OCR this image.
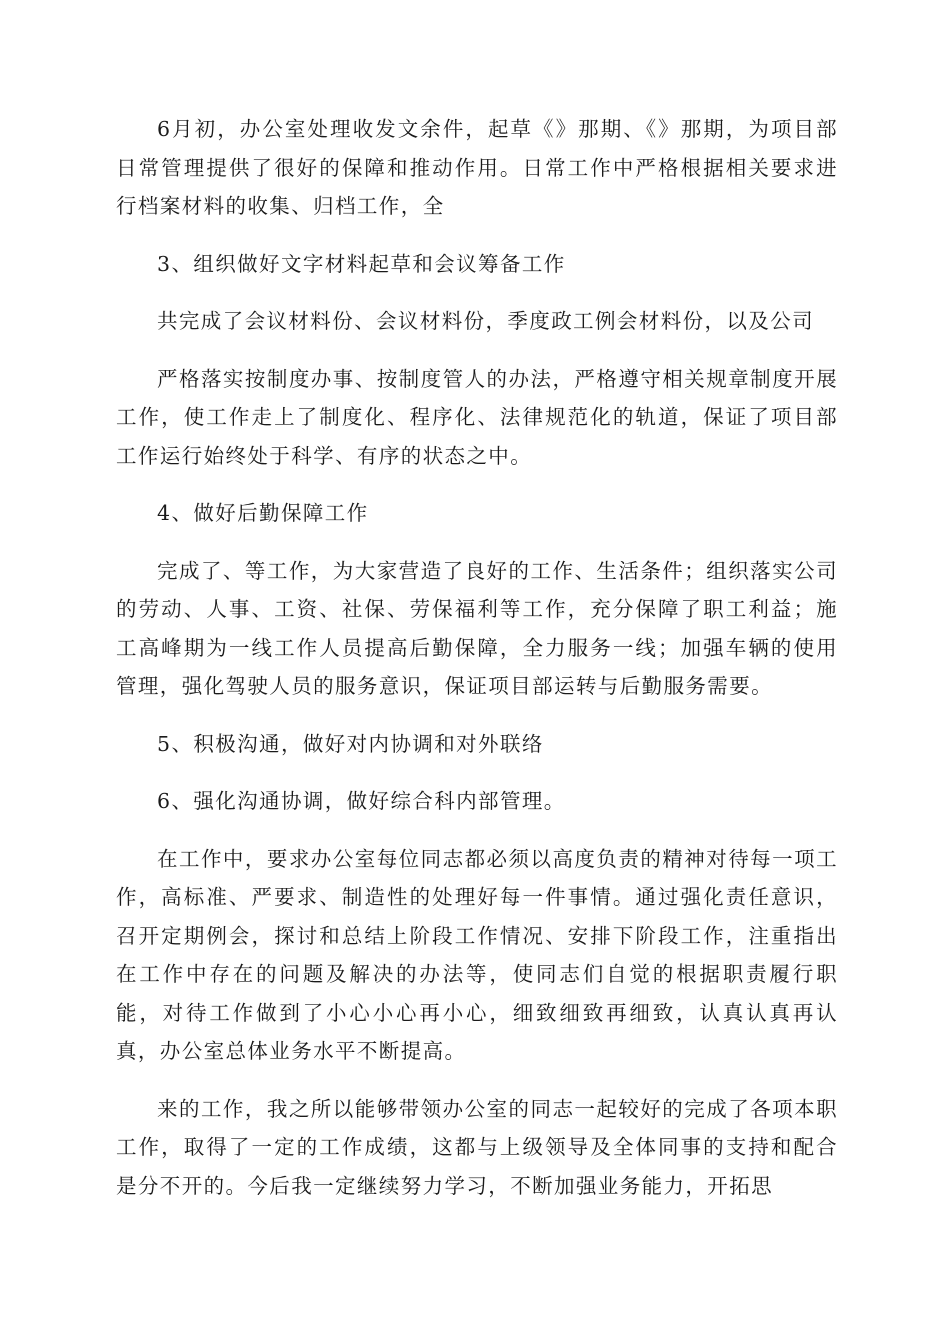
6月初，办公室处理收发文余件，起草《》那期、《》那期，为项目部日常管理提供了很好的保障和推动作用。日常工作中严格根据相关要求进行档案材料的收集、归档工作，全

3、组织做好文字材料起草和会议筹备工作

共完成了会议材料份、会议材料份，季度政工例会材料份，以及公司

严格落实按制度办事、按制度管人的办法，严格遵守相关规章制度开展工作，使工作走上了制度化、程序化、法律规范化的轨道，保证了项目部工作运行始终处于科学、有序的状态之中。

4、做好后勤保障工作

完成了、等工作，为大家营造了良好的工作、生活条件；组织落实公司的劳动、人事、工资、社保、劳保福利等工作，充分保障了职工利益；施工高峰期为一线工作人员提高后勤保障，全力服务一线；加强车辆的使用管理，强化驾驶人员的服务意识，保证项目部运转与后勤服务需要。

5、积极沟通，做好对内协调和对外联络

6、强化沟通协调，做好综合科内部管理。

在工作中，要求办公室每位同志都必须以高度负责的精神对待每一项工作，高标准、严要求、制造性的处理好每一件事情。通过强化责任意识，召开定期例会，探讨和总结上阶段工作情况、安排下阶段工作，注重指出在工作中存在的问题及解决的办法等，使同志们自觉的根据职责履行职能，对待工作做到了小心小心再小心，细致细致再细致，认真认真再认真，办公室总体业务水平不断提高。

来的工作，我之所以能够带领办公室的同志一起较好的完成了各项本职工作，取得了一定的工作成绩，这都与上级领导及全体同事的支持和配合是分不开的。今后我一定继续努力学习，不断加强业务能力，开拓思
